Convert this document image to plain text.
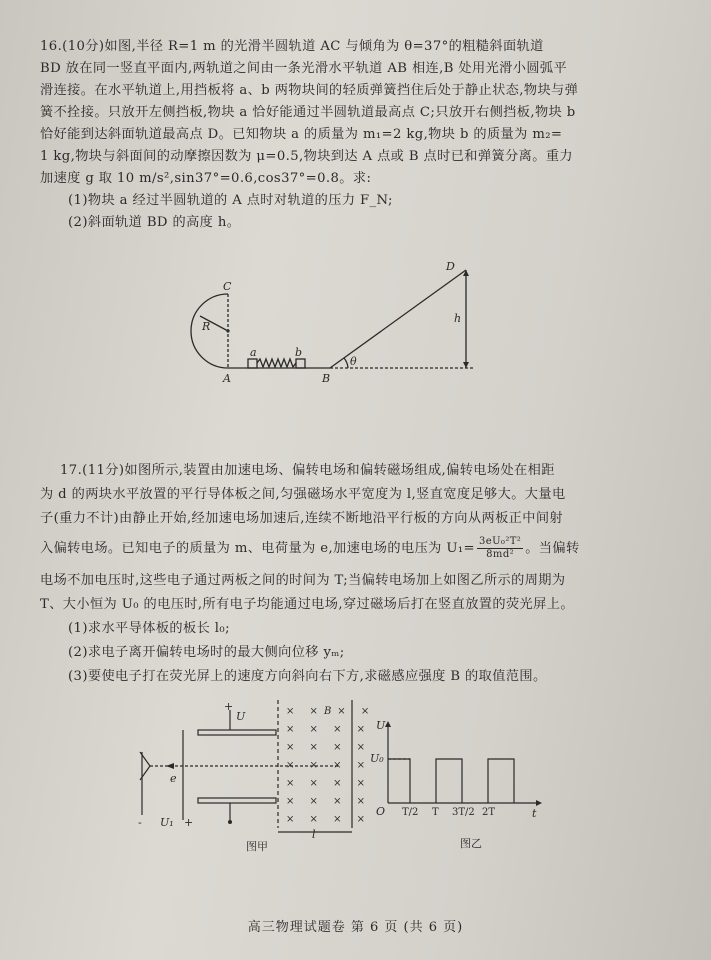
16.(10分)如图,半径 R=1 m 的光滑半圆轨道 AC 与倾角为 θ=37°的粗糙斜面轨道
BD 放在同一竖直平面内,两轨道之间由一条光滑水平轨道 AB 相连,B 处用光滑小圆弧平
滑连接。在水平轨道上,用挡板将 a、b 两物块间的轻质弹簧挡住后处于静止状态,物块与弹
簧不拴接。只放开左侧挡板,物块 a 恰好能通过半圆轨道最高点 C;只放开右侧挡板,物块 b
恰好能到达斜面轨道最高点 D。已知物块 a 的质量为 m₁=2 kg,物块 b 的质量为 m₂=
1 kg,物块与斜面间的动摩擦因数为 μ=0.5,物块到达 A 点或 B 点时已和弹簧分离。重力
加速度 g 取 10 m/s²,sin37°=0.6,cos37°=0.8。求:
(1)物块 a 经过半圆轨道的 A 点时对轨道的压力 F_N;
(2)斜面轨道 BD 的高度 h。
C
R
A
a	b
B
θ
D
h
17.(11分)如图所示,装置由加速电场、偏转电场和偏转磁场组成,偏转电场处在相距
为 d 的两块水平放置的平行导体板之间,匀强磁场水平宽度为 l,竖直宽度足够大。大量电
子(重力不计)由静止开始,经加速电场加速后,连续不断地沿平行板的方向从两板正中间射
入偏转电场。已知电子的质量为 m、电荷量为 e,加速电场的电压为 $U_1= \frac{\text{3eU₀²T²}}{\text{8md²}}$ 。当偏转
电场不加电压时,这些电子通过两板之间的时间为 T;当偏转电场加上如图乙所示的周期为
T、大小恒为 U₀ 的电压时,所有电子均能通过电场,穿过磁场后打在竖直放置的荧光屏上。
(1)求水平导体板的板长 l₀;
(2)求电子离开偏转电场时的最大侧向位移 yₘ;
(3)要使电子打在荧光屏上的速度方向斜向右下方,求磁感应强度 B 的取值范围。
× ×B× ×
× × × ×
× × × ×
× × × ×
× × × ×
× × × ×
× × × ×
+
U
e
-	+
U₁
l
图甲
U
U₀
O T/2 T 3T/2 2T	t
图乙
高三物理试题卷 第 6 页 (共 6 页)
